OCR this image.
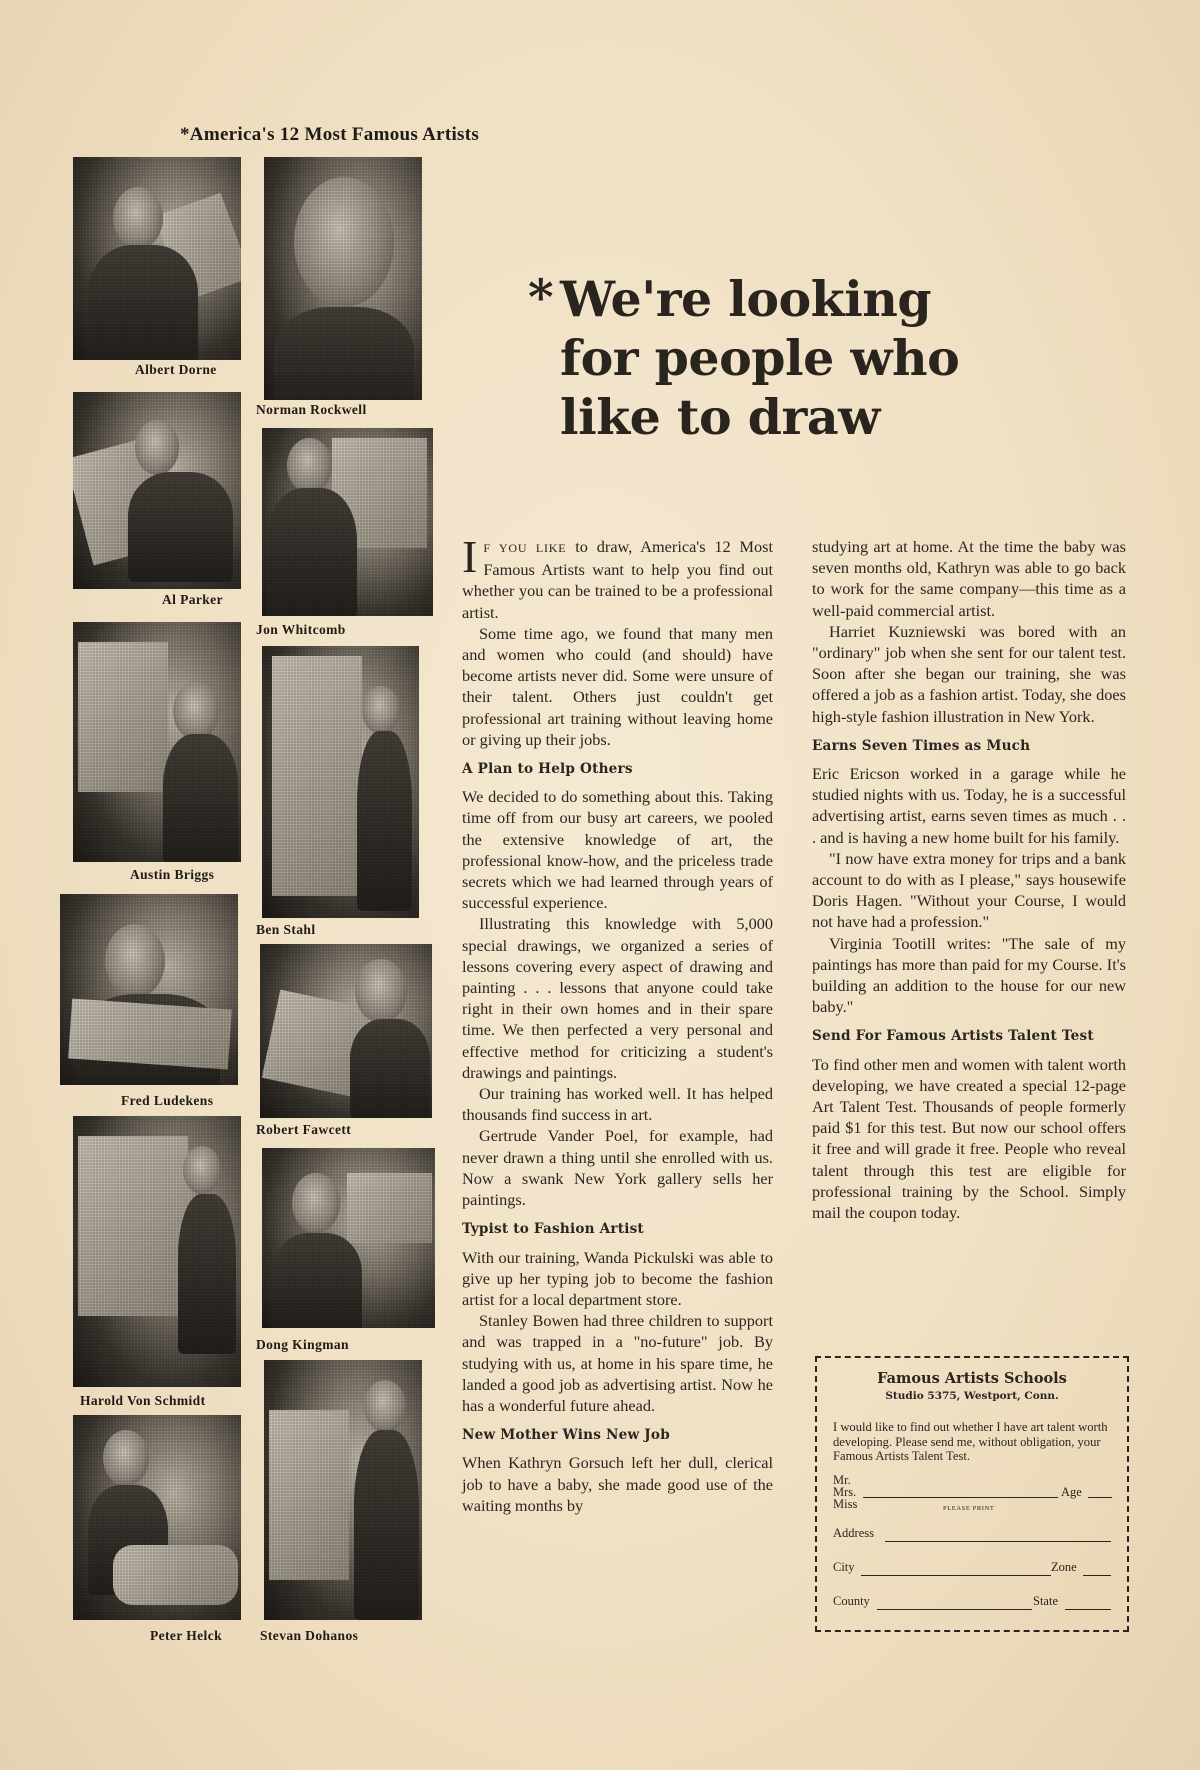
*America's 12 Most Famous Artists
Albert Dorne
Norman Rockwell
Al Parker
Jon Whitcomb
Austin Briggs
Ben Stahl
Fred Ludekens
Robert Fawcett
Harold Von Schmidt
Dong Kingman
Peter Helck	Stevan Dohanos
* We're looking
for people who
like to draw

I F YOU LIKE to draw, America's 12 Most Famous Artists want to help you find out whether you can be trained to be a professional artist.

Some time ago, we found that many men and women who could (and should) have become artists never did. Some were unsure of their talent. Others just couldn't get professional art training without leaving home or giving up their jobs.

A Plan to Help Others

We decided to do something about this. Taking time off from our busy art careers, we pooled the extensive knowledge of art, the professional know-how, and the priceless trade secrets which we had learned through years of successful experience.

Illustrating this knowledge with 5,000 special drawings, we organized a series of lessons covering every aspect of drawing and painting . . . lessons that anyone could take right in their own homes and in their spare time. We then perfected a very personal and effective method for criticizing a student's drawings and paintings.

Our training has worked well. It has helped thousands find success in art.

Gertrude Vander Poel, for example, had never drawn a thing until she enrolled with us. Now a swank New York gallery sells her paintings.

Typist to Fashion Artist

With our training, Wanda Pickulski was able to give up her typing job to become the fashion artist for a local department store.

Stanley Bowen had three children to support and was trapped in a "no-future" job. By studying with us, at home in his spare time, he landed a good job as advertising artist. Now he has a wonderful future ahead.

New Mother Wins New Job

When Kathryn Gorsuch left her dull, clerical job to have a baby, she made good use of the waiting months by

studying art at home. At the time the baby was seven months old, Kathryn was able to go back to work for the same company—this time as a well-paid commercial artist.

Harriet Kuzniewski was bored with an "ordinary" job when she sent for our talent test. Soon after she began our training, she was offered a job as a fashion artist. Today, she does high-style fashion illustration in New York.

Earns Seven Times as Much

Eric Ericson worked in a garage while he studied nights with us. Today, he is a successful advertising artist, earns seven times as much . . . and is having a new home built for his family.

"I now have extra money for trips and a bank account to do with as I please," says housewife Doris Hagen. "Without your Course, I would not have had a profession."

Virginia Tootill writes: "The sale of my paintings has more than paid for my Course. It's building an addition to the house for our new baby."

Send For Famous Artists Talent Test

To find other men and women with talent worth developing, we have created a special 12-page Art Talent Test. Thousands of people formerly paid $1 for this test. But now our school offers it free and will grade it free. People who reveal talent through this test are eligible for professional training by the School. Simply mail the coupon today.

Famous Artists Schools
Studio 5375, Westport, Conn.
I would like to find out whether I have art talent worth developing. Please send me, without obligation, your Famous Artists Talent Test.
Mr.
Mrs.
Miss
Age
PLEASE PRINT
Address
City	Zone
County	State
